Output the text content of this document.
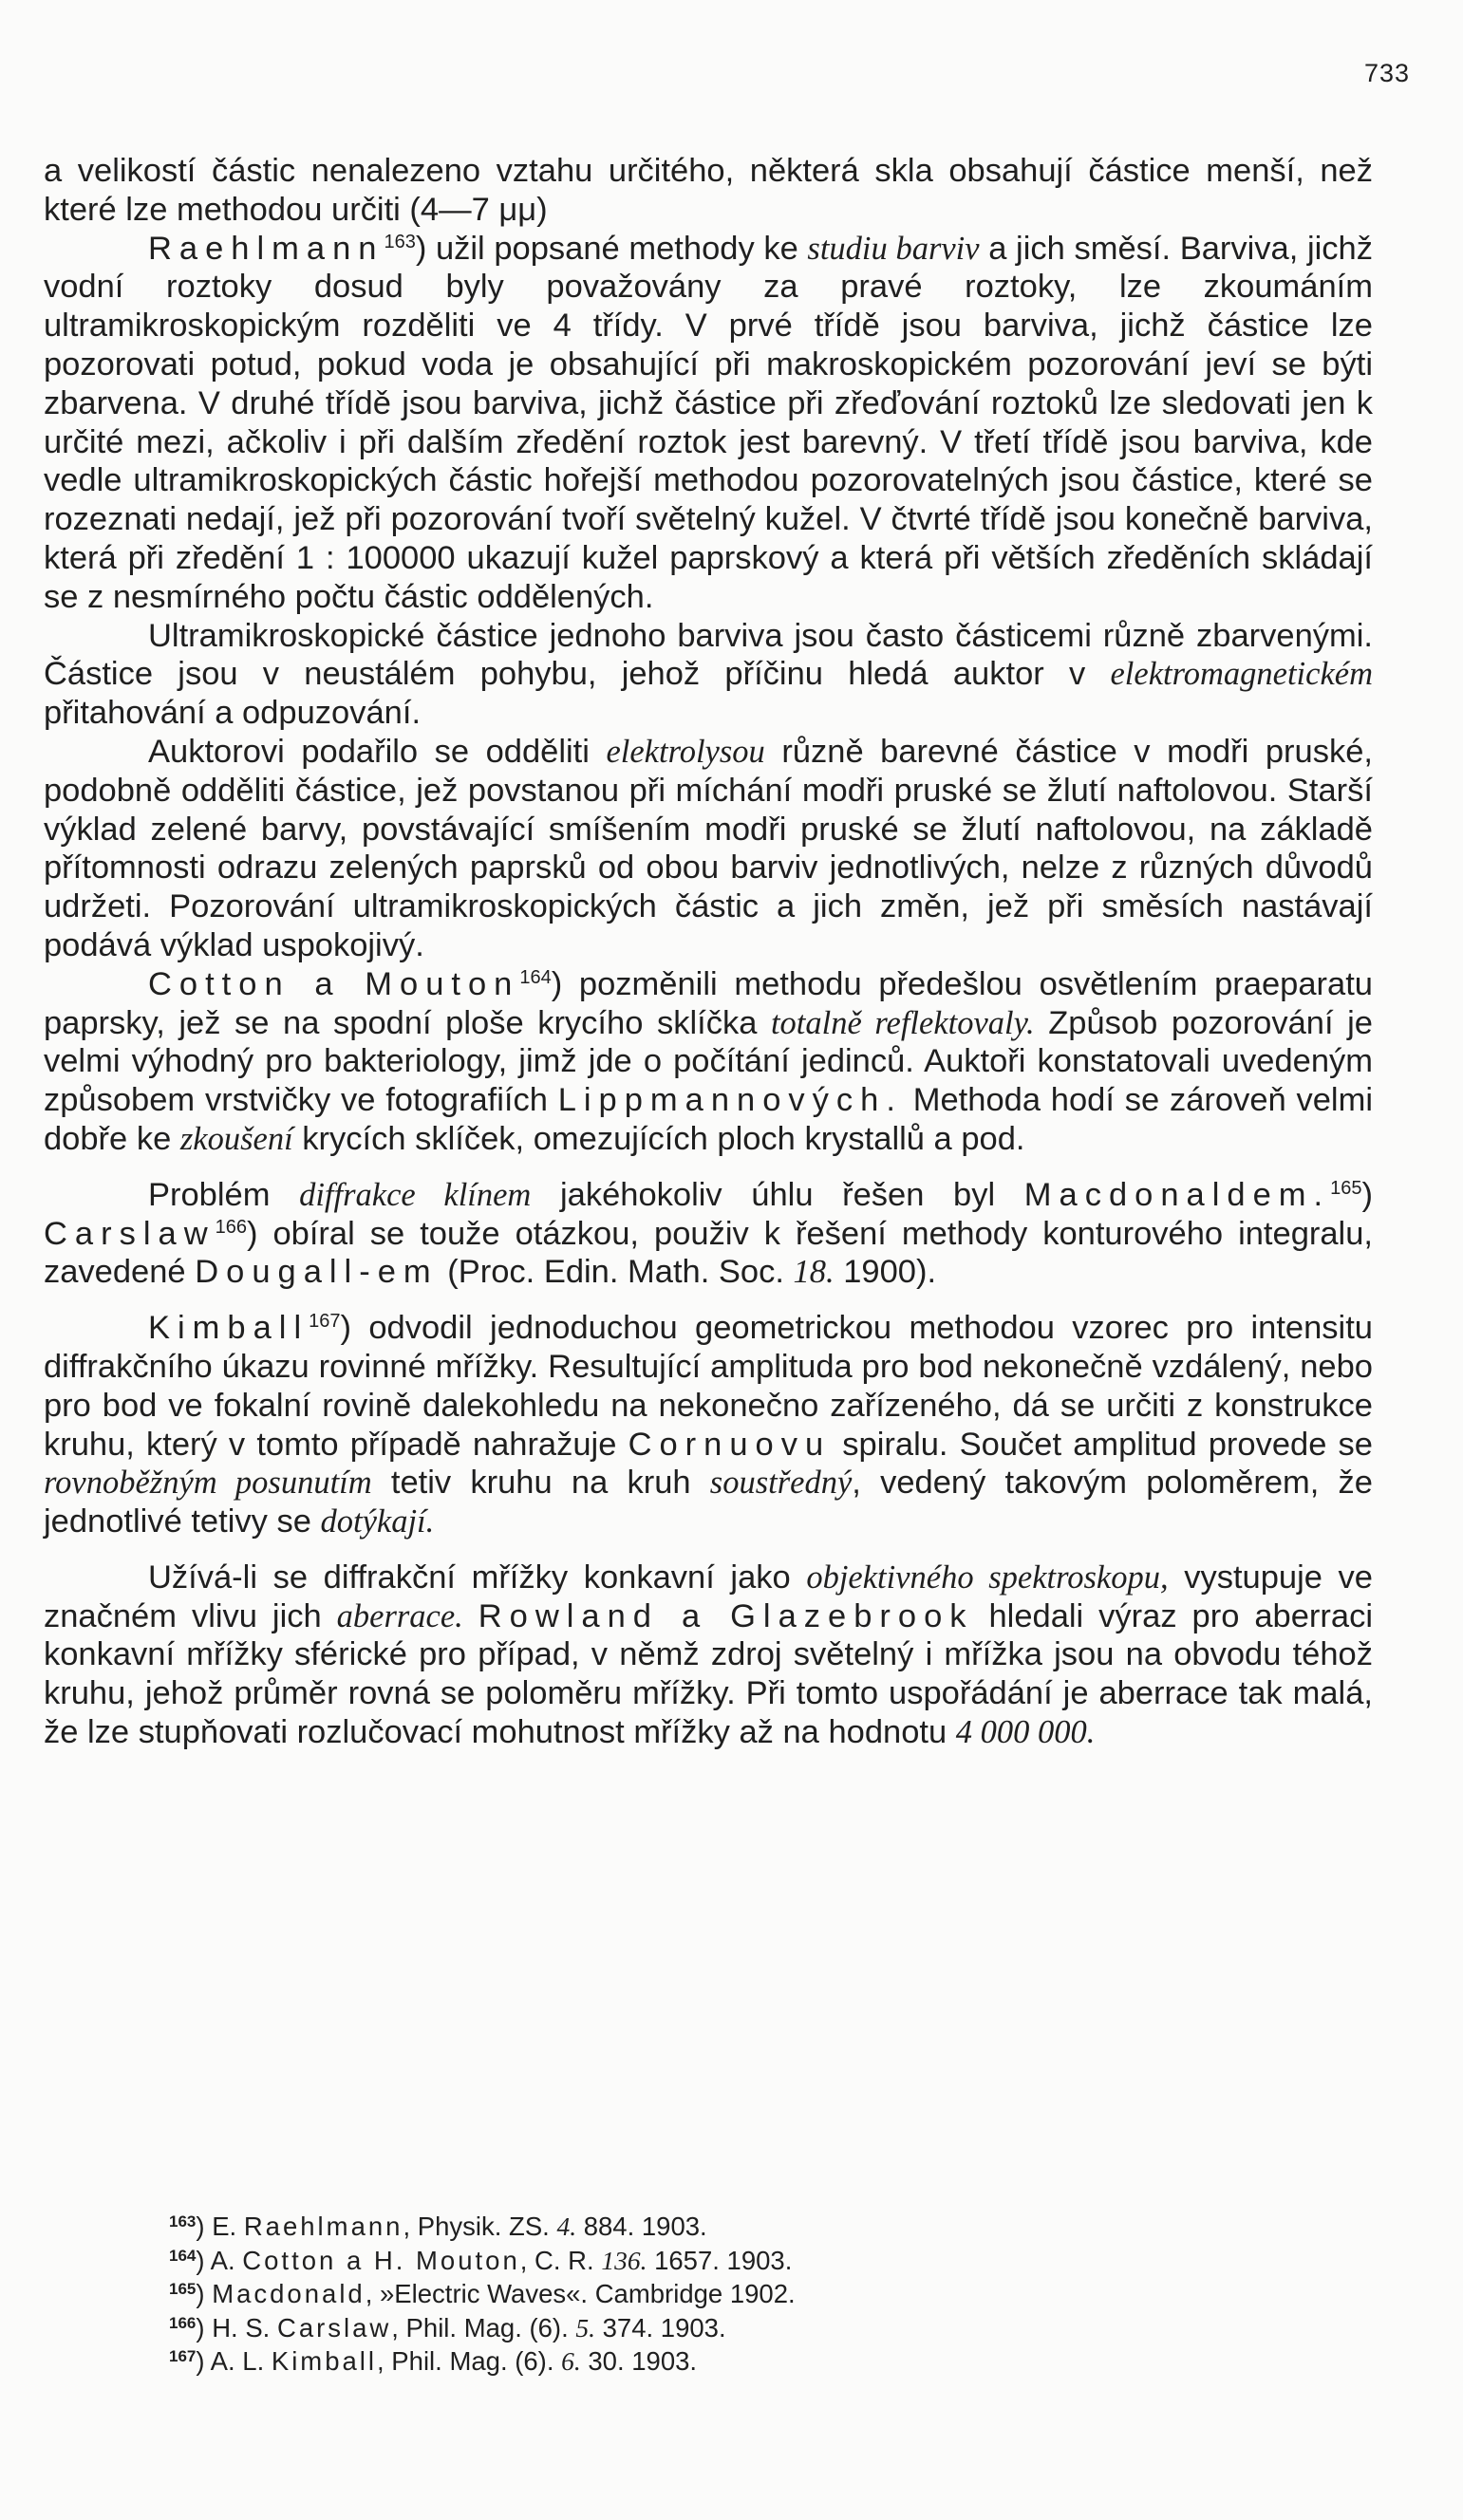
733

a velikostí částic nenalezeno vztahu určitého, některá skla obsahují částice menší, než které lze methodou určiti (4—7 μμ)

Raehlmann$^{163}$) užil popsané methody ke studiu barviv a jich směsí. Barviva, jichž vodní roztoky dosud byly považovány za pravé roztoky, lze zkoumáním ultramikroskopickým rozděliti ve 4 třídy. V prvé třídě jsou barviva, jichž částice lze pozorovati potud, pokud voda je obsahující při makroskopickém pozorování jeví se býti zbarvena. V druhé třídě jsou barviva, jichž částice při zřeďování roztoků lze sledovati jen k určité mezi, ačkoliv i při dalším zředění roztok jest barevný. V třetí třídě jsou barviva, kde vedle ultramikroskopických částic hořejší methodou pozorovatelných jsou částice, které se rozeznati nedají, jež při pozorování tvoří světelný kužel. V čtvrté třídě jsou konečně barviva, která při zředění 1 : 100000 ukazují kužel paprskový a která při větších zředěních skládají se z nesmírného počtu částic oddělených.

Ultramikroskopické částice jednoho barviva jsou často částicemi různě zbarvenými. Částice jsou v neustálém pohybu, jehož příčinu hledá auktor v elektromagnetickém přitahování a odpuzování.

Auktorovi podařilo se odděliti elektrolysou různě barevné částice v modři pruské, podobně odděliti částice, jež povstanou při míchání modři pruské se žlutí naftolovou. Starší výklad zelené barvy, povstávající smíšením modři pruské se žlutí naftolovou, na základě přítomnosti odrazu zelených paprsků od obou barviv jednotlivých, nelze z různých důvodů udržeti. Pozorování ultramikroskopických částic a jich změn, jež při směsích nastávají podává výklad uspokojivý.

Cotton a Mouton$^{164}$) pozměnili methodu předešlou osvětlením praeparatu paprsky, jež se na spodní ploše krycího sklíčka totalně reflektovaly. Způsob pozorování je velmi výhodný pro bakteriology, jimž jde o počítání jedinců. Auktoři konstatovali uvedeným způsobem vrstvičky ve fotografiích Lippmannových. Methoda hodí se zároveň velmi dobře ke zkoušení krycích sklíček, omezujících ploch krystallů a pod.

Problém diffrakce klínem jakéhokoliv úhlu řešen byl Macdonaldem.$^{165}$) Carslaw$^{166}$) obíral se touže otázkou, použiv k řešení methody konturového integralu, zavedené Dougall-em (Proc. Edin. Math. Soc. 18. 1900).

Kimball$^{167}$) odvodil jednoduchou geometrickou methodou vzorec pro intensitu diffrakčního úkazu rovinné mřížky. Resultující amplituda pro bod nekonečně vzdálený, nebo pro bod ve fokalní rovině dalekohledu na nekonečno zařízeného, dá se určiti z konstrukce kruhu, který v tomto případě nahražuje Cornuovu spiralu. Součet amplitud provede se rovnoběžným posunutím tetiv kruhu na kruh soustředný, vedený takovým poloměrem, že jednotlivé tetivy se dotýkají.

Užívá-li se diffrakční mřížky konkavní jako objektivného spektroskopu, vystupuje ve značném vlivu jich aberrace. Rowland a Glazebrook hledali výraz pro aberraci konkavní mřížky sférické pro případ, v němž zdroj světelný i mřížka jsou na obvodu téhož kruhu, jehož průměr rovná se poloměru mřížky. Při tomto uspořádání je aberrace tak malá, že lze stupňovati rozlučovací mohutnost mřížky až na hodnotu 4 000 000.

$^{163}$) E. Raehlmann, Physik. ZS. 4. 884. 1903.

$^{164}$) A. Cotton a H. Mouton, C. R. 136. 1657. 1903.

$^{165}$) Macdonald, »Electric Waves«. Cambridge 1902.

$^{166}$) H. S. Carslaw, Phil. Mag. (6). 5. 374. 1903.

$^{167}$) A. L. Kimball, Phil. Mag. (6). 6. 30. 1903.
